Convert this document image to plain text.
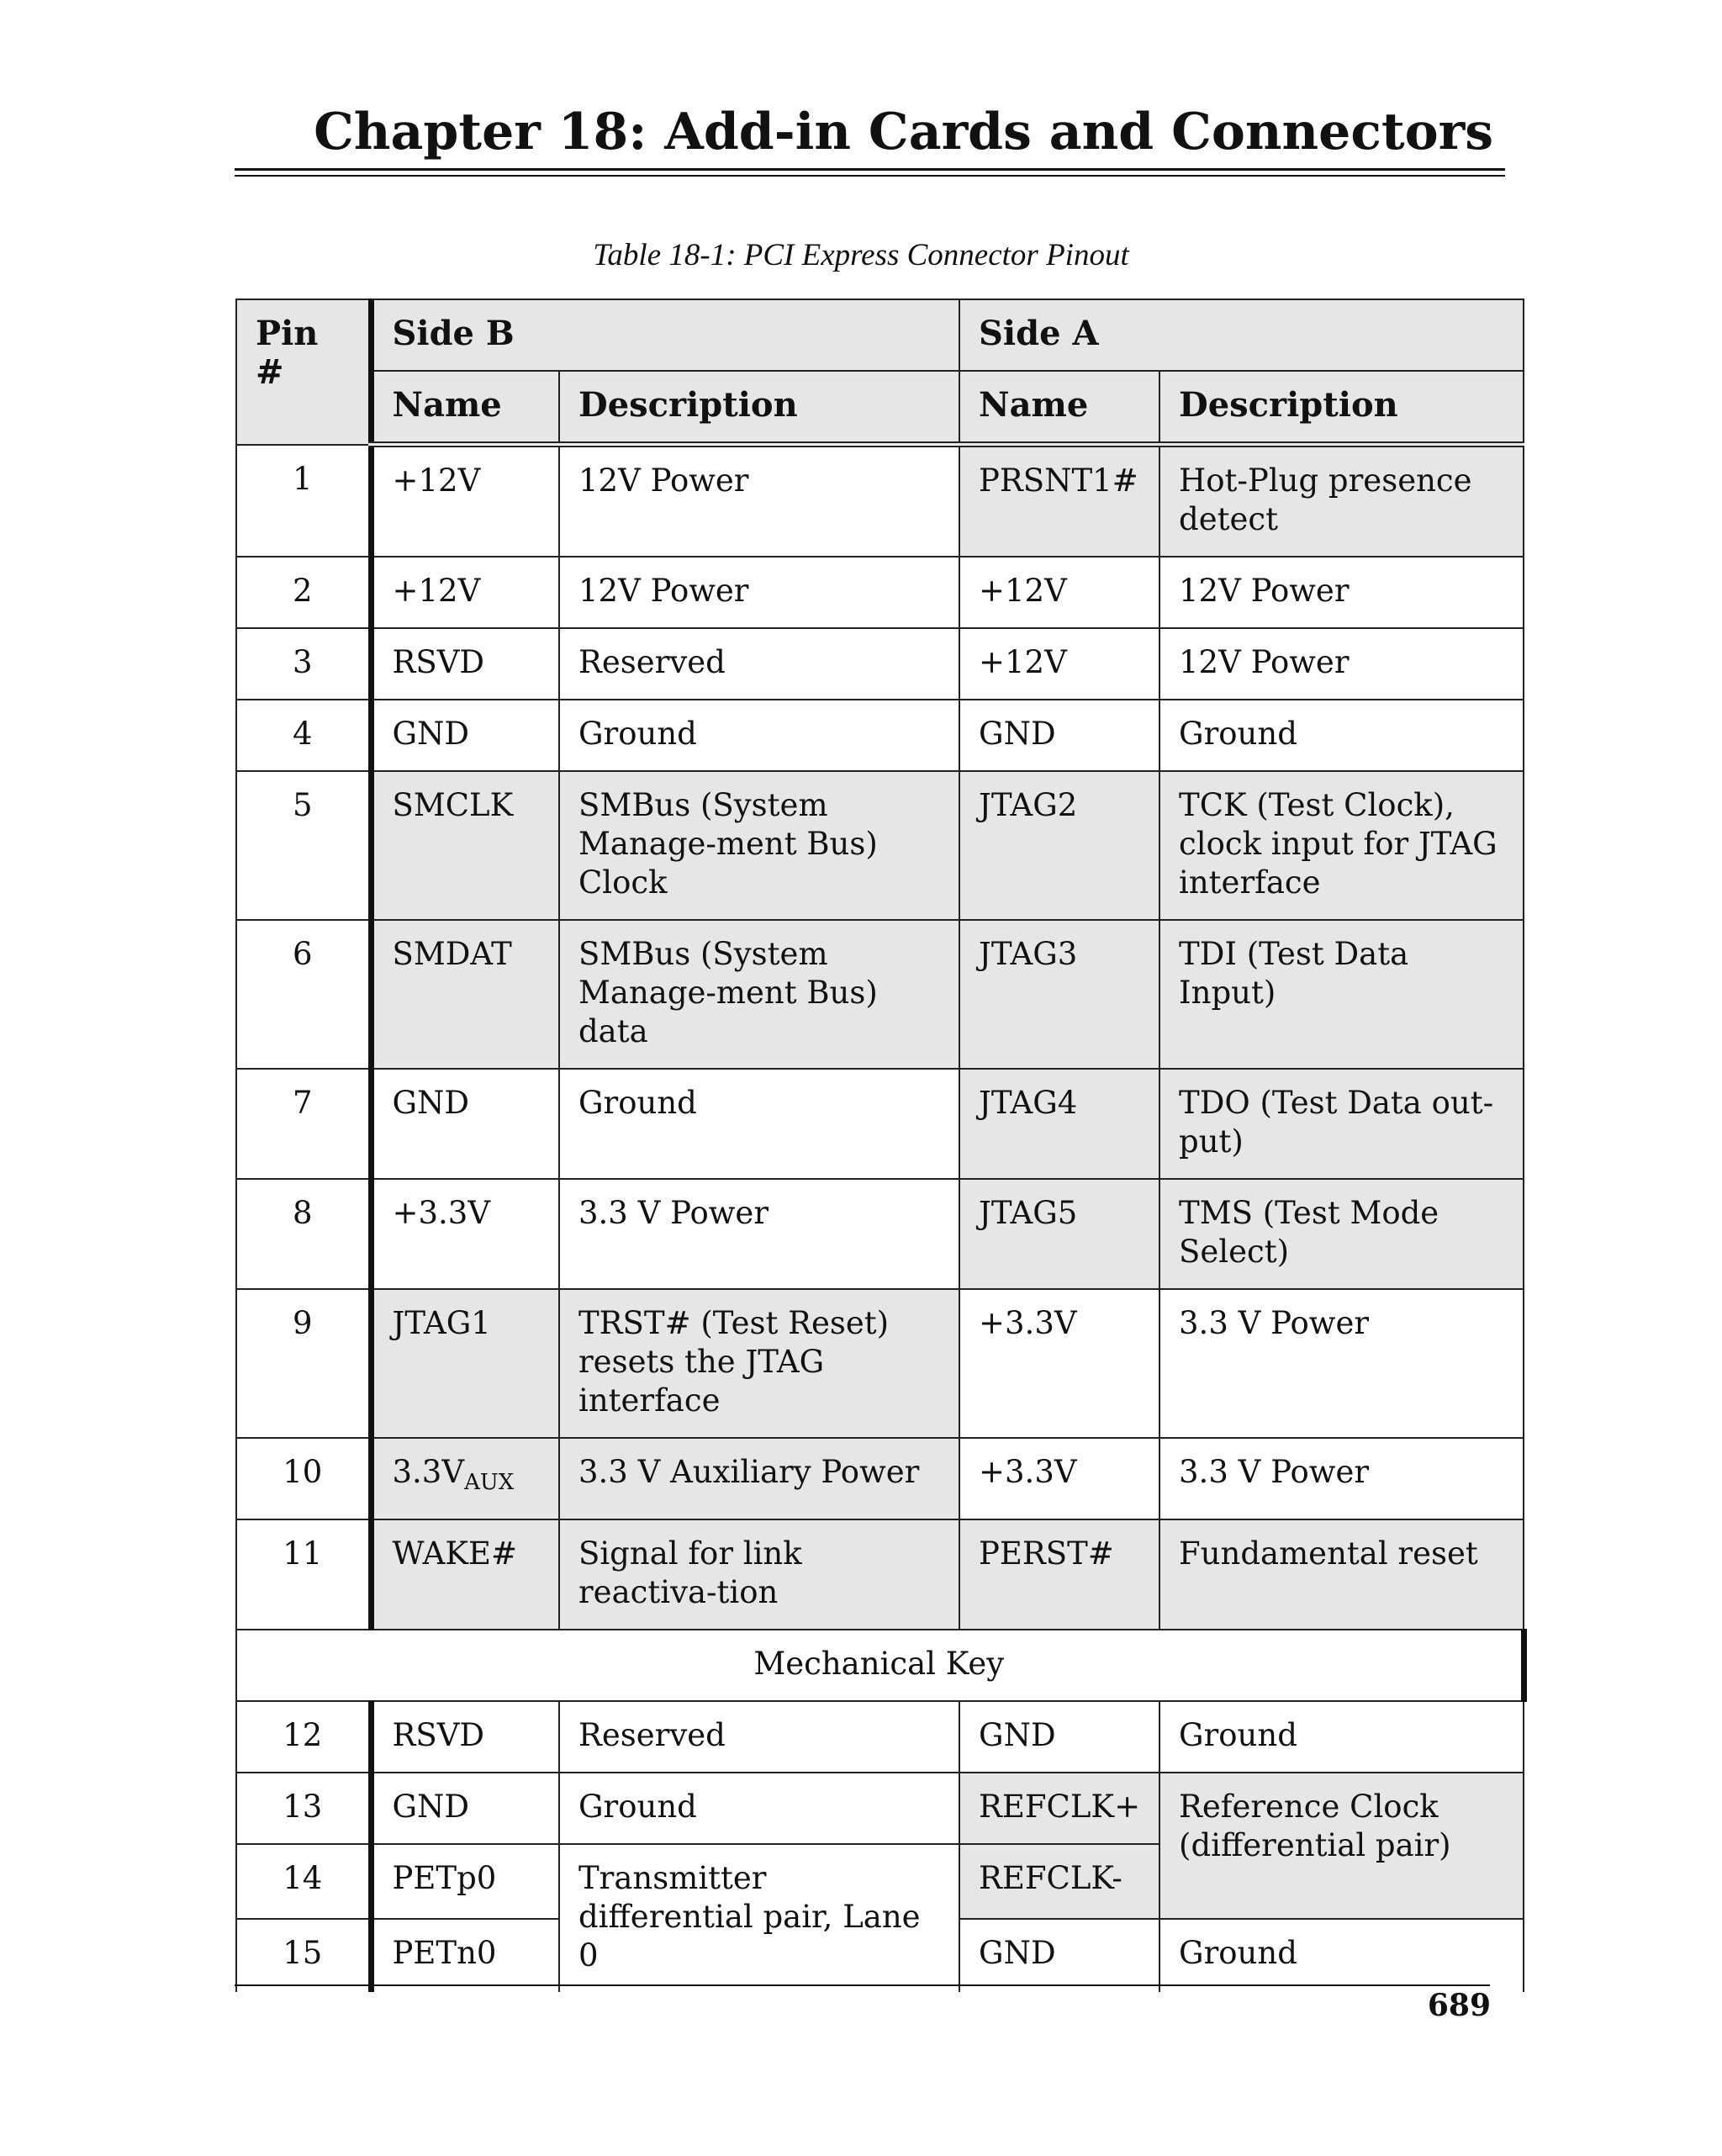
Chapter 18: Add-in Cards and Connectors
Table 18-1: PCI Express Connector Pinout
Pin #	Side B		Side A	
	Name	Description	Name	Description
1	+12V	12V Power	PRSNT1#	Hot-Plug presence detect
2	+12V	12V Power	+12V	12V Power
3	RSVD	Reserved	+12V	12V Power
4	GND	Ground	GND	Ground
5	SMCLK	SMBus (System Manage-ment Bus) Clock	JTAG2	TCK (Test Clock), clock input for JTAG interface
6	SMDAT	SMBus (System Manage-ment Bus) data	JTAG3	TDI (Test Data Input)
7	GND	Ground	JTAG4	TDO (Test Data out-put)
8	+3.3V	3.3 V Power	JTAG5	TMS (Test Mode Select)
9	JTAG1	TRST# (Test Reset) resets the JTAG interface	+3.3V	3.3 V Power
10	$3.3V_{AUX}$	3.3 V Auxiliary Power	+3.3V	3.3 V Power
11	WAKE#	Signal for link reactiva-tion	PERST#	Fundamental reset
Mechanical Key				
12	RSVD	Reserved	GND	Ground
13	GND	Ground	REFCLK+	Reference Clock (differential pair)
14	PETp0	Transmitter differential pair, Lane 0	REFCLK-	
15	PETn0		GND	Ground
689
